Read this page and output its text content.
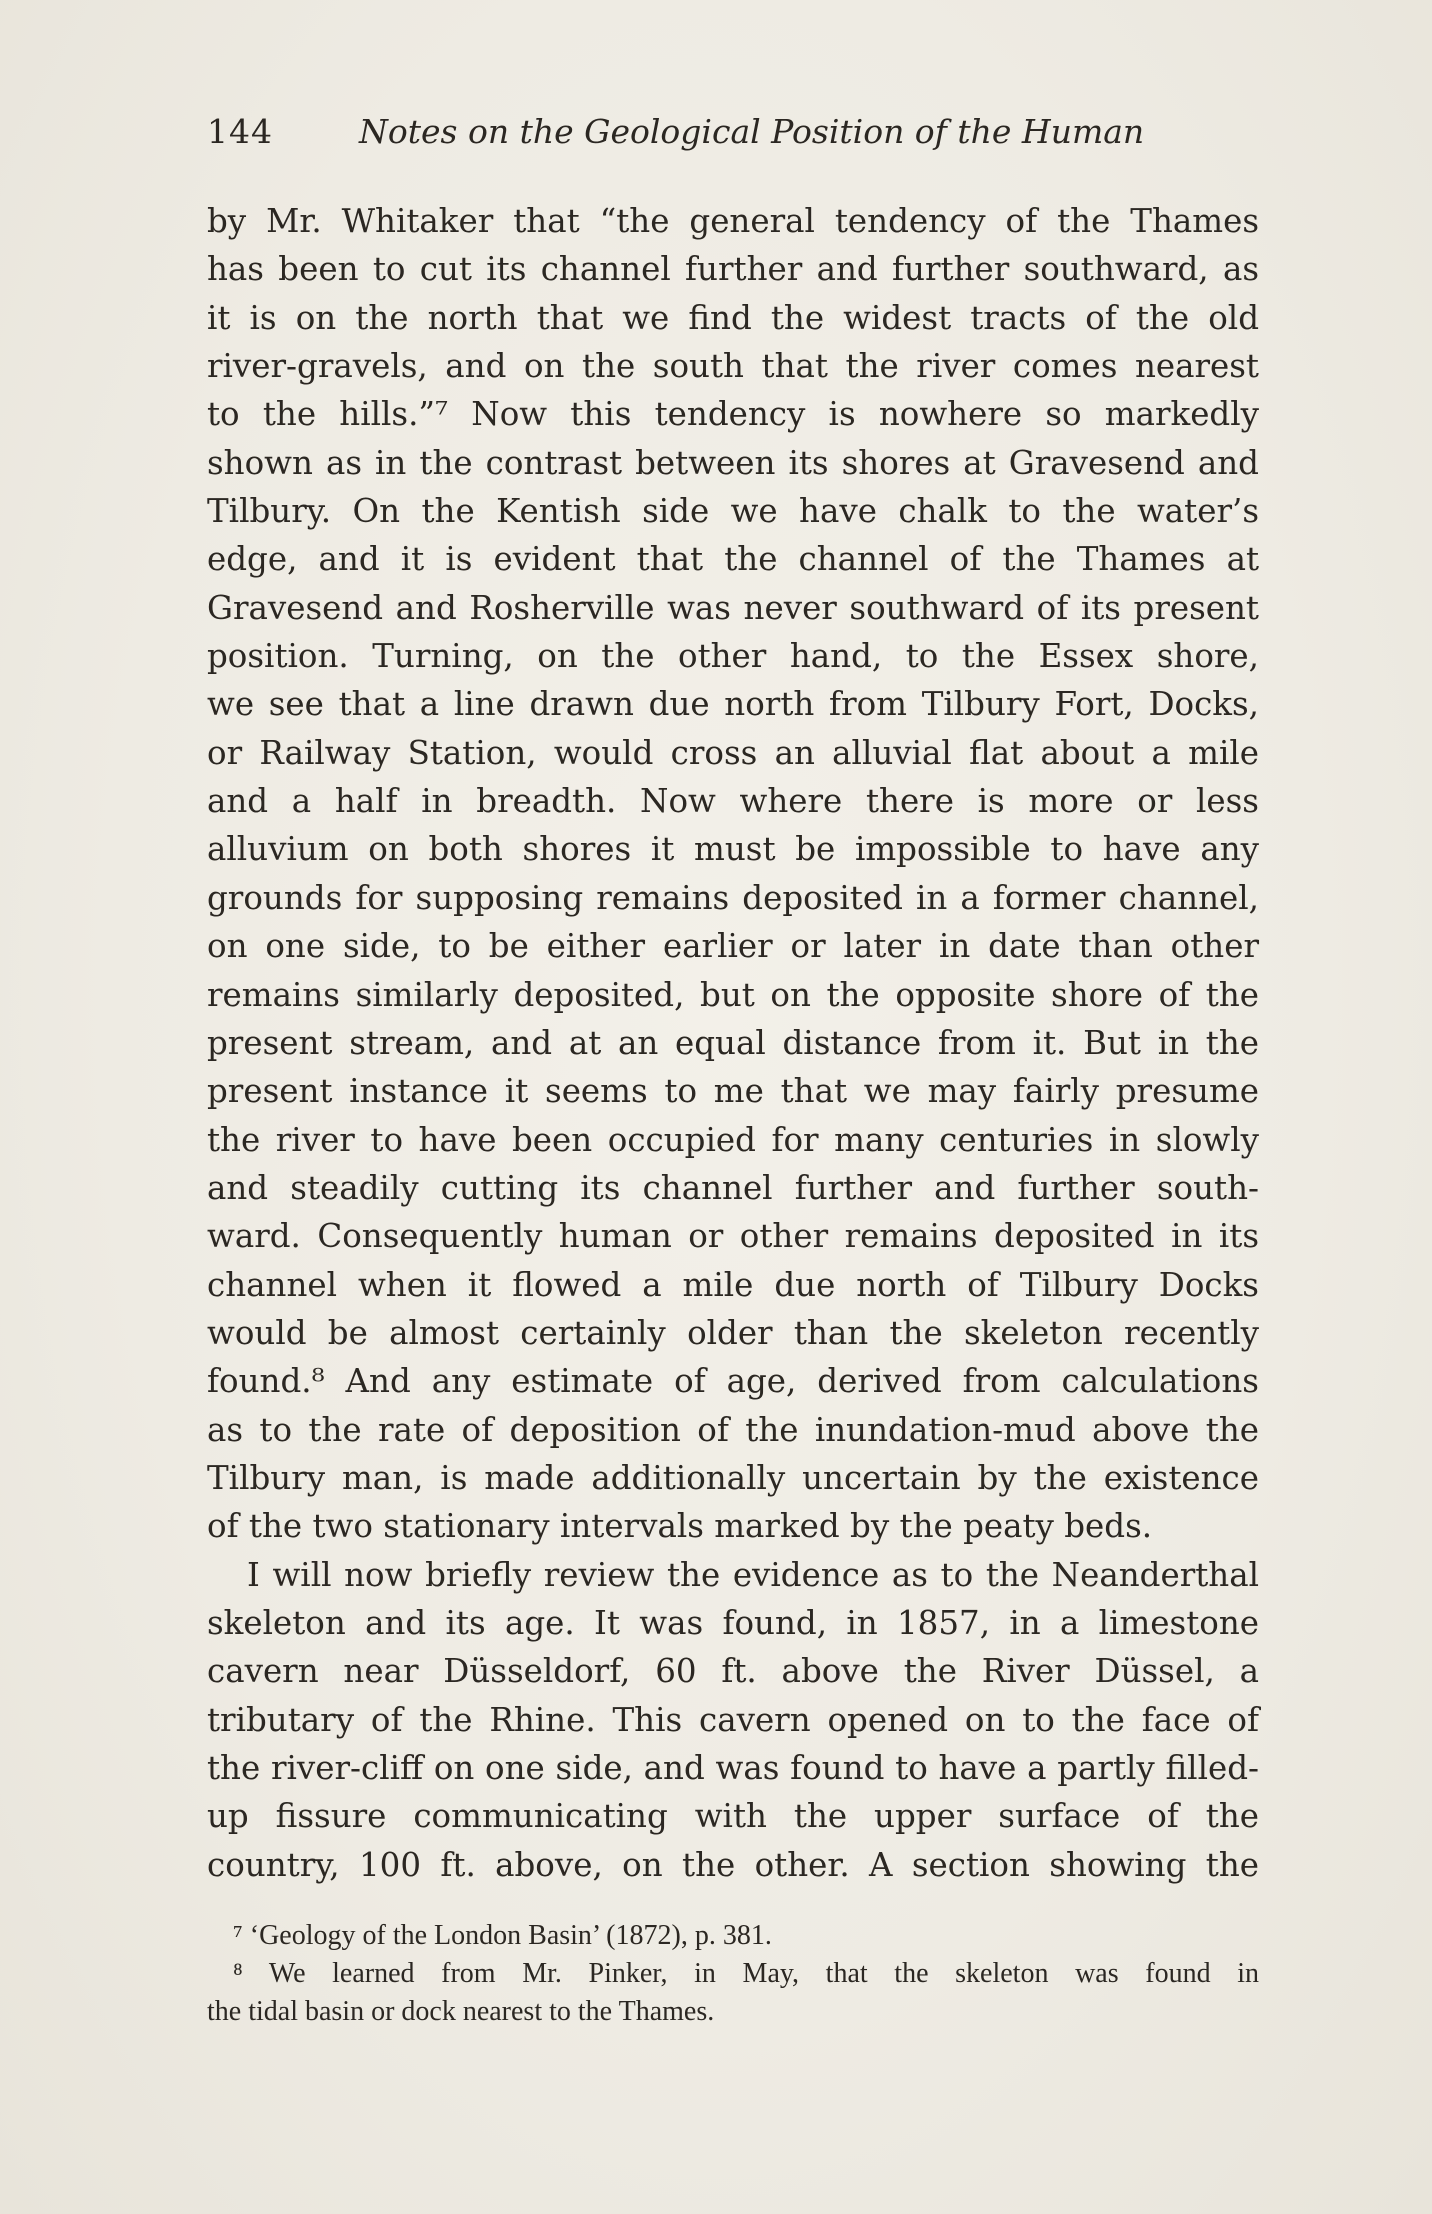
144	Notes on the Geological Position of the Human
by Mr. Whitaker that “the general tendency of the Thames
has been to cut its channel further and further southward, as
it is on the north that we find the widest tracts of the old
river-gravels, and on the south that the river comes nearest
to the hills.”⁷ Now this tendency is nowhere so markedly
shown as in the contrast between its shores at Gravesend and
Tilbury. On the Kentish side we have chalk to the water’s
edge, and it is evident that the channel of the Thames at
Gravesend and Rosherville was never southward of its present
position. Turning, on the other hand, to the Essex shore,
we see that a line drawn due north from Tilbury Fort, Docks,
or Railway Station, would cross an alluvial flat about a mile
and a half in breadth. Now where there is more or less
alluvium on both shores it must be impossible to have any
grounds for supposing remains deposited in a former channel,
on one side, to be either earlier or later in date than other
remains similarly deposited, but on the opposite shore of the
present stream, and at an equal distance from it. But in the
present instance it seems to me that we may fairly presume
the river to have been occupied for many centuries in slowly
and steadily cutting its channel further and further south-
ward. Consequently human or other remains deposited in its
channel when it flowed a mile due north of Tilbury Docks
would be almost certainly older than the skeleton recently
found.⁸ And any estimate of age, derived from calculations
as to the rate of deposition of the inundation-mud above the
Tilbury man, is made additionally uncertain by the existence
of the two stationary intervals marked by the peaty beds.
I will now briefly review the evidence as to the Neanderthal
skeleton and its age. It was found, in 1857, in a limestone
cavern near Düsseldorf, 60 ft. above the River Düssel, a
tributary of the Rhine. This cavern opened on to the face of
the river-cliff on one side, and was found to have a partly filled-
up fissure communicating with the upper surface of the
country, 100 ft. above, on the other. A section showing the
⁷ ‘Geology of the London Basin’ (1872), p. 381.
⁸ We learned from Mr. Pinker, in May, that the skeleton was found in
the tidal basin or dock nearest to the Thames.
